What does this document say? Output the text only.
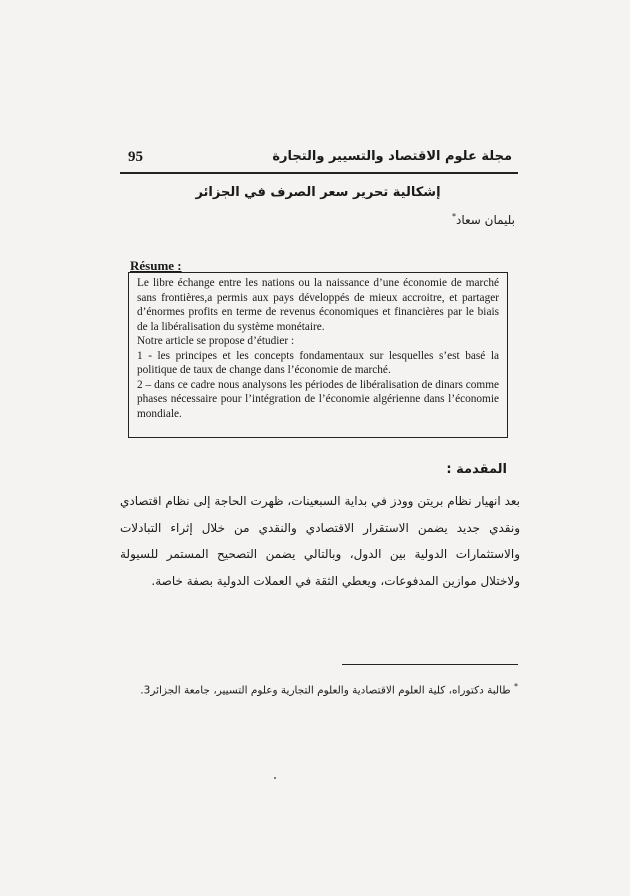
95	مجلة علوم الاقتصاد والتسيير والتجارة
إشكالية تحرير سعر الصرف في الجزائر
بليمان سعاد*
Résume :

Le libre échange entre les nations ou la naissance d’une économie de marché sans frontières,a permis aux pays développés de mieux accroitre, et partager d’énormes profits en terme de revenus économiques et financières par le biais de la libéralisation du système monétaire.

Notre article se propose d’étudier :

1 - les principes et les concepts fondamentaux sur lesquelles s’est basé la politique de taux de change dans l’économie de marché.

2 – dans ce cadre nous analysons les périodes de libéralisation de dinars comme phases nécessaire pour l’intégration de l’économie algérienne dans l’économie mondiale.

المقدمة :

بعد انهيار نظام بريتن وودز في بداية السبعينات، ظهرت الحاجة إلى نظام اقتصادي ونقدي جديد يضمن الاستقرار الاقتصادي والنقدي من خلال إثراء التبادلات والاستثمارات الدولية بين الدول، وبالتالي يضمن التصحيح المستمر للسيولة ولاختلال موازين المدفوعات، ويعطي الثقة في العملات الدولية بصفة خاصة.

* طالبة دكتوراه، كلية العلوم الاقتصادية والعلوم التجارية وعلوم التسيير، جامعة الجزائر3.
